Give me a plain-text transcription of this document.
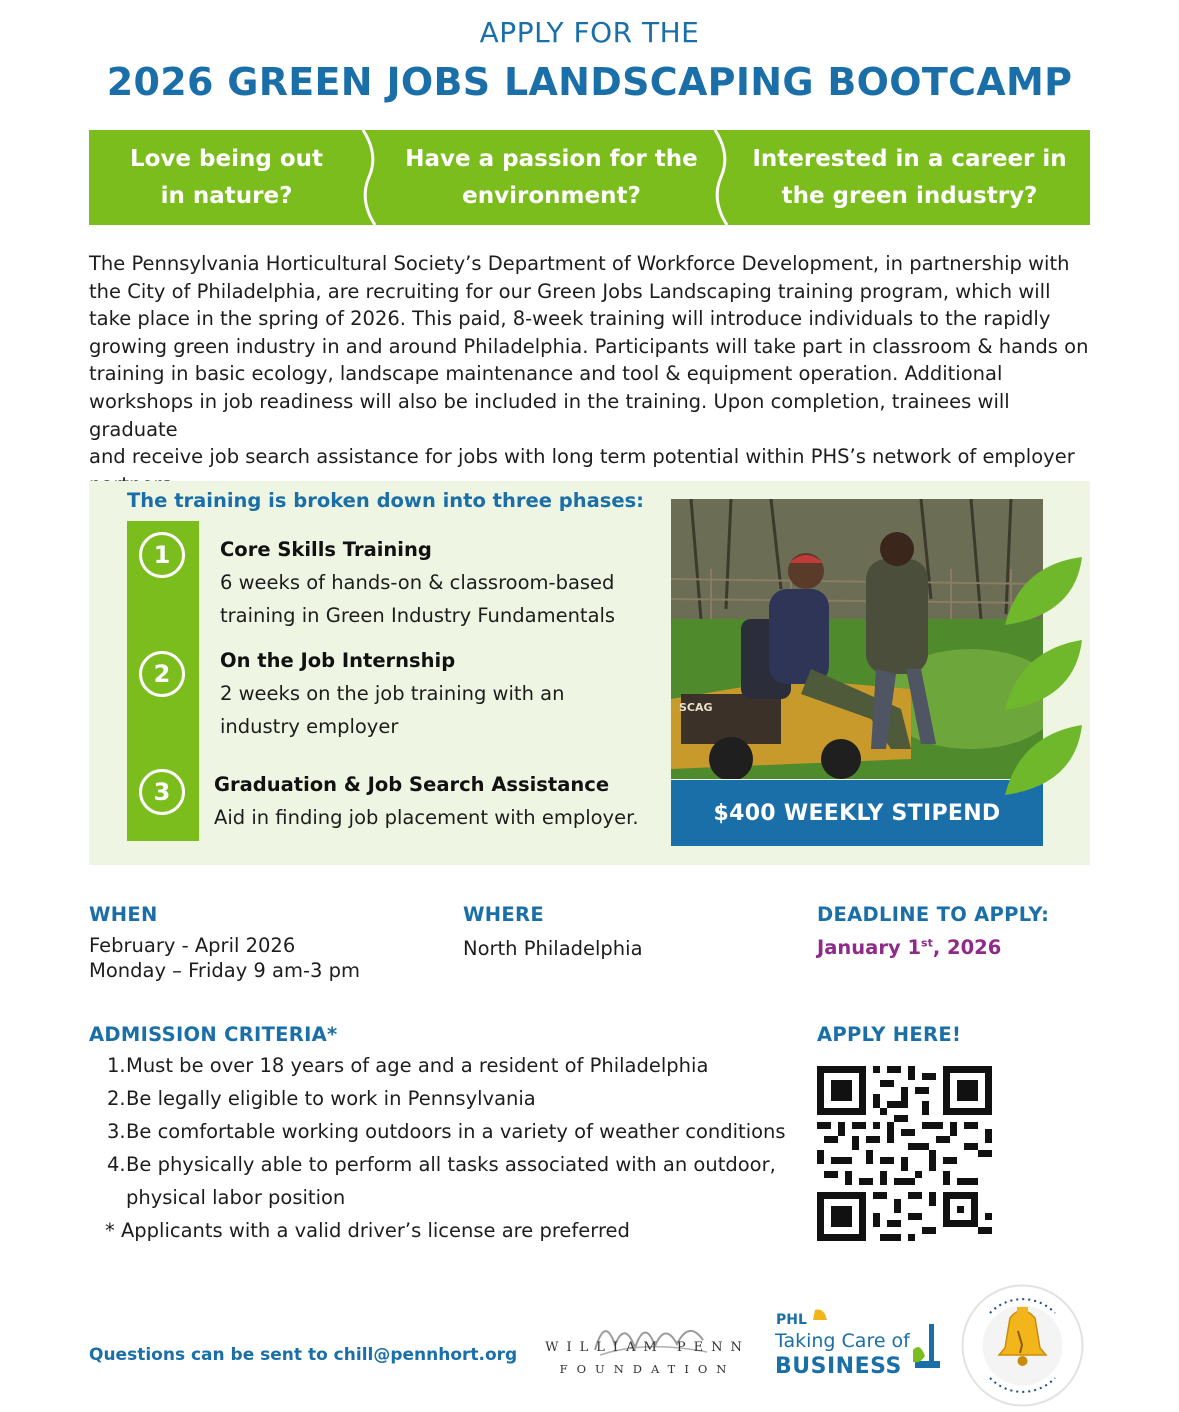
APPLY FOR THE
2026 GREEN JOBS LANDSCAPING BOOTCAMP
Love being out
in nature?
Have a passion for the
environment?
Interested in a career in
the green industry?
The Pennsylvania Horticultural Society’s Department of Workforce Development, in partnership with
the City of Philadelphia, are recruiting for our Green Jobs Landscaping training program, which will
take place in the spring of 2026. This paid, 8-week training will introduce individuals to the rapidly
growing green industry in and around Philadelphia. Participants will take part in classroom & hands on
training in basic ecology, landscape maintenance and tool & equipment operation. Additional
workshops in job readiness will also be included in the training. Upon completion, trainees will graduate
and receive job search assistance for jobs with long term potential within PHS’s network of employer
The training is broken down into three phases:
1	Core Skills Training
6 weeks of hands-on & classroom-based
training in Green Industry Fundamentals
2	On the Job Internship
2 weeks on the job training with an
industry employer
3	Graduation & Job Search Assistance
Aid in finding job placement with employer.
SCAG
$400 WEEKLY STIPEND
WHEN
February - April 2026
Monday – Friday 9 am-3 pm
WHERE
North Philadelphia
DEADLINE TO APPLY:
January 1st, 2026
ADMISSION CRITERIA*
1.Must be over 18 years of age and a resident of Philadelphia
2.Be legally eligible to work in Pennsylvania
3.Be comfortable working outdoors in a variety of weather conditions
4.Be physically able to perform all tasks associated with an outdoor,
physical labor position
* Applicants with a valid driver’s license are preferred
APPLY HERE!
Questions can be sent to chill@pennhort.org WILLIAM PENN
FOUNDATION
PHL
Taking Care of
BUSINESS
